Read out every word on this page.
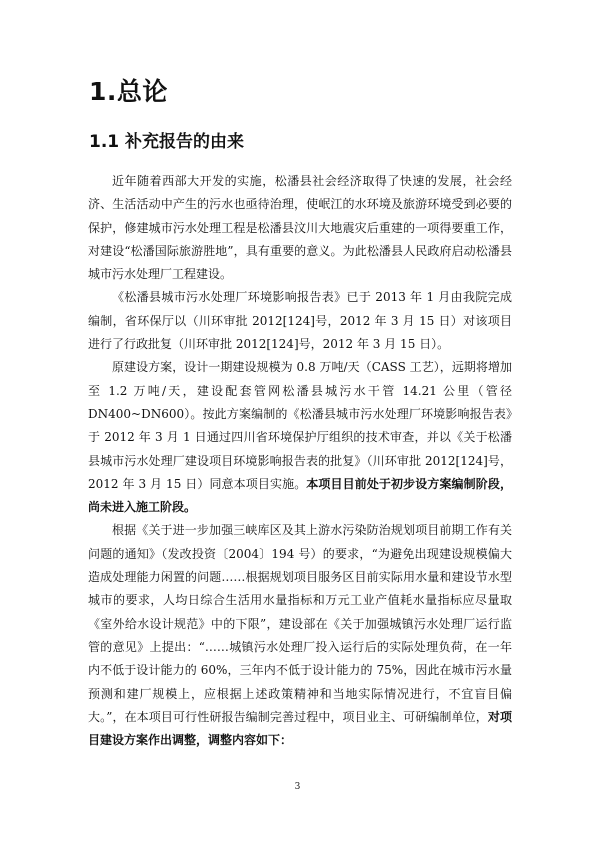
1.总论
1.1 补充报告的由来

近年随着西部大开发的实施，松潘县社会经济取得了快速的发展，社会经济、生活活动中产生的污水也亟待治理，使岷江的水环境及旅游环境受到必要的保护，修建城市污水处理工程是松潘县汶川大地震灾后重建的一项得要重工作，对建设“松潘国际旅游胜地”，具有重要的意义。为此松潘县人民政府启动松潘县城市污水处理厂工程建设。

《松潘县城市污水处理厂环境影响报告表》已于 2013 年 1 月由我院完成编制，省环保厅以（川环审批 2012[124]号，2012 年 3 月 15 日）对该项目进行了行政批复（川环审批 2012[124]号，2012 年 3 月 15 日）。

原建设方案，设计一期建设规模为 0.8 万吨/天（CASS 工艺），远期将增加至 1.2 万吨/天，建设配套管网松潘县城污水干管 14.21 公里（管径 DN400~DN600）。按此方案编制的《松潘县城市污水处理厂环境影响报告表》于 2012 年 3 月 1 日通过四川省环境保护厅组织的技术审查，并以《关于松潘县城市污水处理厂建设项目环境影响报告表的批复》（川环审批 2012[124]号，2012 年 3 月 15 日）同意本项目实施。本项目目前处于初步设方案编制阶段，尚未进入施工阶段。

根据《关于进一步加强三峡库区及其上游水污染防治规划项目前期工作有关问题的通知》（发改投资〔2004〕194 号）的要求，“为避免出现建设规模偏大造成处理能力闲置的问题……根据规划项目服务区目前实际用水量和建设节水型城市的要求，人均日综合生活用水量指标和万元工业产值耗水量指标应尽量取《室外给水设计规范》中的下限”，建设部在《关于加强城镇污水处理厂运行监管的意见》上提出：“……城镇污水处理厂投入运行后的实际处理负荷，在一年内不低于设计能力的 60%，三年内不低于设计能力的 75%，因此在城市污水量预测和建厂规模上，应根据上述政策精神和当地实际情况进行，不宜盲目偏大。”，在本项目可行性研报告编制完善过程中，项目业主、可研编制单位，对项目建设方案作出调整，调整内容如下：

3
